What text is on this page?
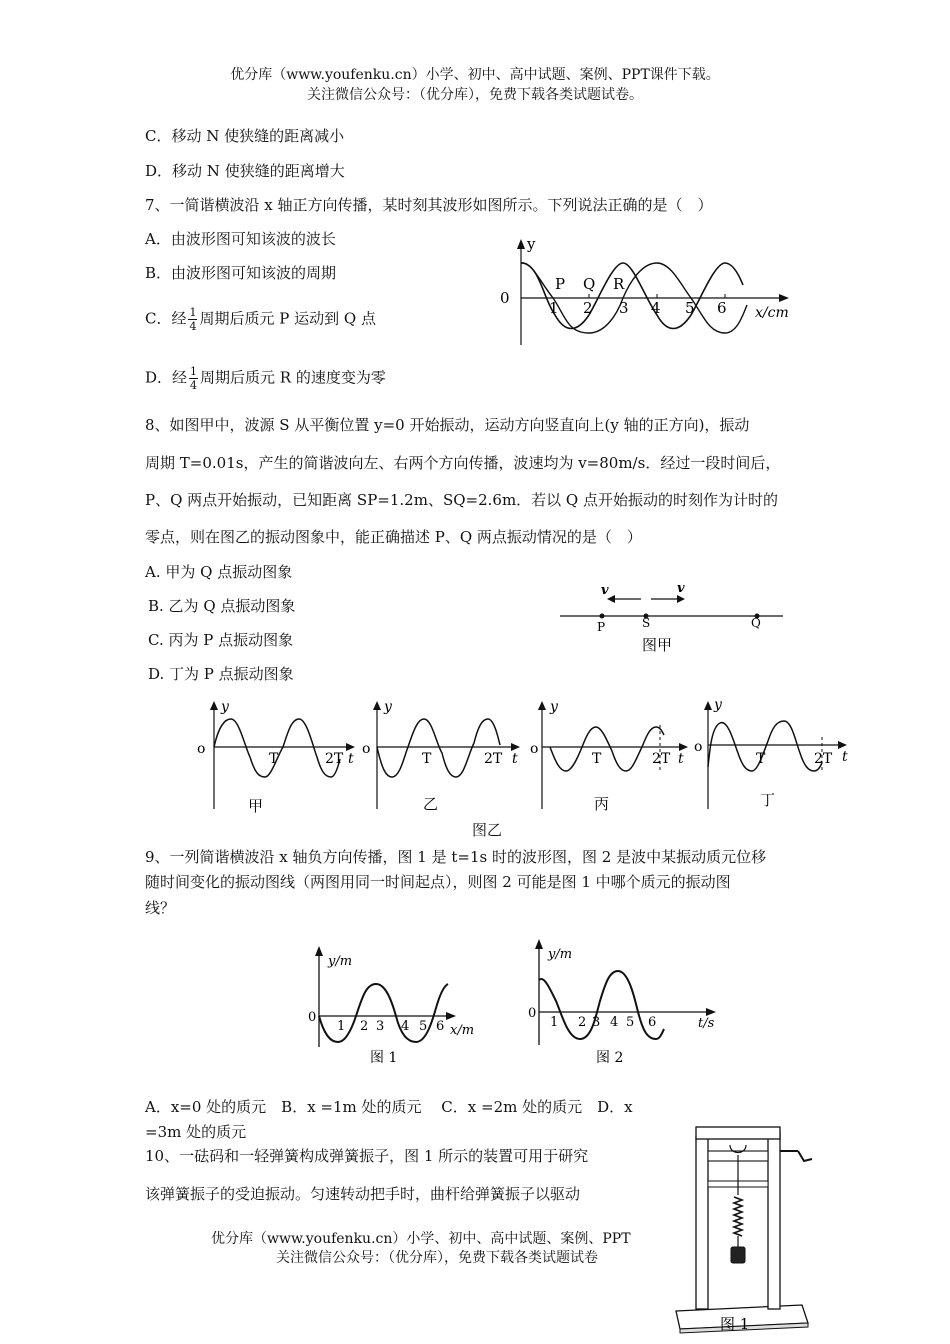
优分库（www.youfenku.cn）小学、初中、高中试题、案例、PPT课件下载。
关注微信公众号：（优分库），免费下载各类试题试卷。
C．移动 N 使狭缝的距离减小
D．移动 N 使狭缝的距离增大
7、一简谐横波沿 x 轴正方向传播，某时刻其波形如图所示。下列说法正确的是（　）
A．由波形图可知该波的波长
B．由波形图可知该波的周期
C．经 $\frac{1}{4}$ 周期后质元 P 运动到 Q 点
D．经 $\frac{1}{4}$ 周期后质元 R 的速度变为零
y
0
x/cm
1 2 3 4 5 6
P Q R
8、如图甲中，波源 S 从平衡位置 y=0 开始振动，运动方向竖直向上(y 轴的正方向)，振动
周期 T=0.01s，产生的简谐波向左、右两个方向传播，波速均为 v=80m/s．经过一段时间后，
P、Q 两点开始振动，已知距离 SP=1.2m、SQ=2.6m．若以 Q 点开始振动的时刻作为计时的
零点，则在图乙的振动图象中，能正确描述 P、Q 两点振动情况的是（　）
A. 甲为 Q 点振动图象
B. 乙为 Q 点振动图象
C. 丙为 P 点振动图象
D. 丁为 P 点振动图象
v	v
P	S	Q
图甲
y
o
T	2T t
甲
y
o
T	2T t
乙
y
o
T	2T t
丙
y
o
T	2T t
丁
图乙
9、一列简谐横波沿 x 轴负方向传播，图 1 是 t=1s 时的波形图，图 2 是波中某振动质元位移
随时间变化的振动图线（两图用同一时间起点），则图 2 可能是图 1 中哪个质元的振动图
线？
y/m
0
1 2 3 4 5 6 x/m
图 1
y/m
0
1 2 3 4 5 6	t/s
图 2
A．x=0 处的质元　B．x =1m 处的质元　 C．x =2m 处的质元　D．x
=3m 处的质元
10、一砝码和一轻弹簧构成弹簧振子，图 1 所示的装置可用于研究
该弹簧振子的受迫振动。匀速转动把手时，曲杆给弹簧振子以驱动
优分库（www.youfenku.cn）小学、初中、高中试题、案例、PPT
关注微信公众号：（优分库），免费下载各类试题试卷
图 1
